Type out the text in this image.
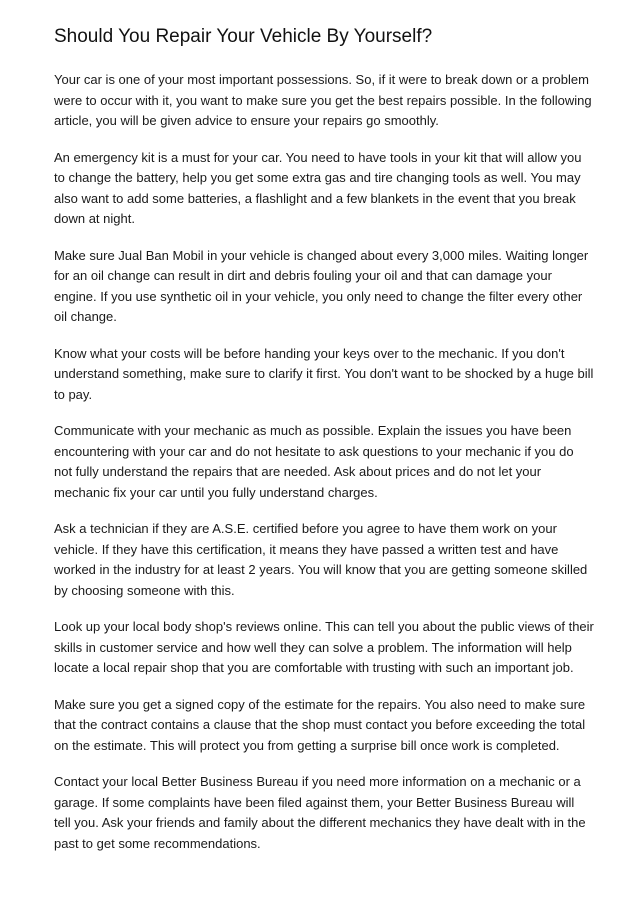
Should You Repair Your Vehicle By Yourself?

Your car is one of your most important possessions. So, if it were to break down or a problem were to occur with it, you want to make sure you get the best repairs possible. In the following article, you will be given advice to ensure your repairs go smoothly.

An emergency kit is a must for your car. You need to have tools in your kit that will allow you to change the battery, help you get some extra gas and tire changing tools as well. You may also want to add some batteries, a flashlight and a few blankets in the event that you break down at night.

Make sure Jual Ban Mobil in your vehicle is changed about every 3,000 miles. Waiting longer for an oil change can result in dirt and debris fouling your oil and that can damage your engine. If you use synthetic oil in your vehicle, you only need to change the filter every other oil change.

Know what your costs will be before handing your keys over to the mechanic. If you don't understand something, make sure to clarify it first. You don't want to be shocked by a huge bill to pay.

Communicate with your mechanic as much as possible. Explain the issues you have been encountering with your car and do not hesitate to ask questions to your mechanic if you do not fully understand the repairs that are needed. Ask about prices and do not let your mechanic fix your car until you fully understand charges.

Ask a technician if they are A.S.E. certified before you agree to have them work on your vehicle. If they have this certification, it means they have passed a written test and have worked in the industry for at least 2 years. You will know that you are getting someone skilled by choosing someone with this.

Look up your local body shop's reviews online. This can tell you about the public views of their skills in customer service and how well they can solve a problem. The information will help locate a local repair shop that you are comfortable with trusting with such an important job.

Make sure you get a signed copy of the estimate for the repairs. You also need to make sure that the contract contains a clause that the shop must contact you before exceeding the total on the estimate. This will protect you from getting a surprise bill once work is completed.

Contact your local Better Business Bureau if you need more information on a mechanic or a garage. If some complaints have been filed against them, your Better Business Bureau will tell you. Ask your friends and family about the different mechanics they have dealt with in the past to get some recommendations.
